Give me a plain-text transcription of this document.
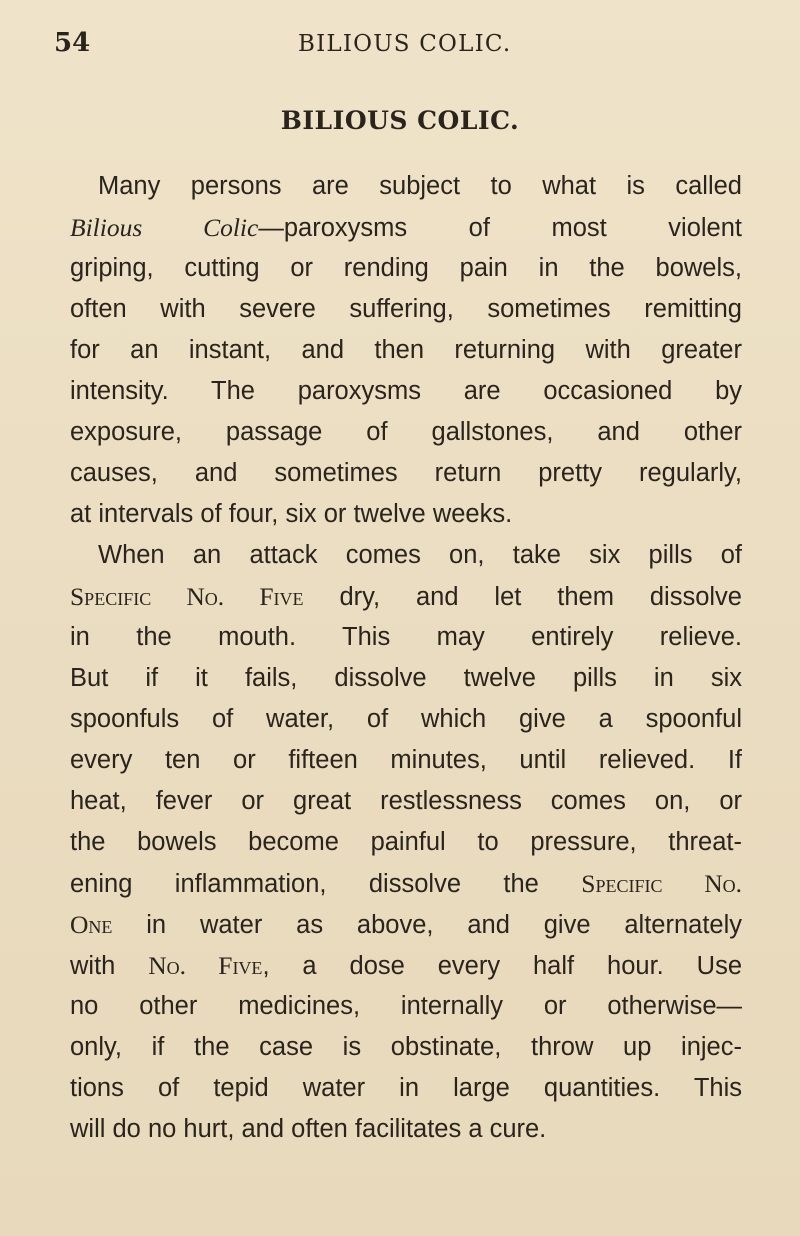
54	BILIOUS COLIC.
BILIOUS COLIC.
Many persons are subject to what is called
Bilious Colic—paroxysms of most violent
griping, cutting or rending pain in the bowels,
often with severe suffering, sometimes remitting
for an instant, and then returning with greater
intensity. The paroxysms are occasioned by
exposure, passage of gallstones, and other
causes, and sometimes return pretty regularly,
at intervals of four, six or twelve weeks.
When an attack comes on, take six pills of
Specific No. Five dry, and let them dissolve
in the mouth. This may entirely relieve.
But if it fails, dissolve twelve pills in six
spoonfuls of water, of which give a spoonful
every ten or fifteen minutes, until relieved. If
heat, fever or great restlessness comes on, or
the bowels become painful to pressure, threat-
ening inflammation, dissolve the Specific No.
One in water as above, and give alternately
with No. Five, a dose every half hour. Use
no other medicines, internally or otherwise—
only, if the case is obstinate, throw up injec-
tions of tepid water in large quantities. This
will do no hurt, and often facilitates a cure.
